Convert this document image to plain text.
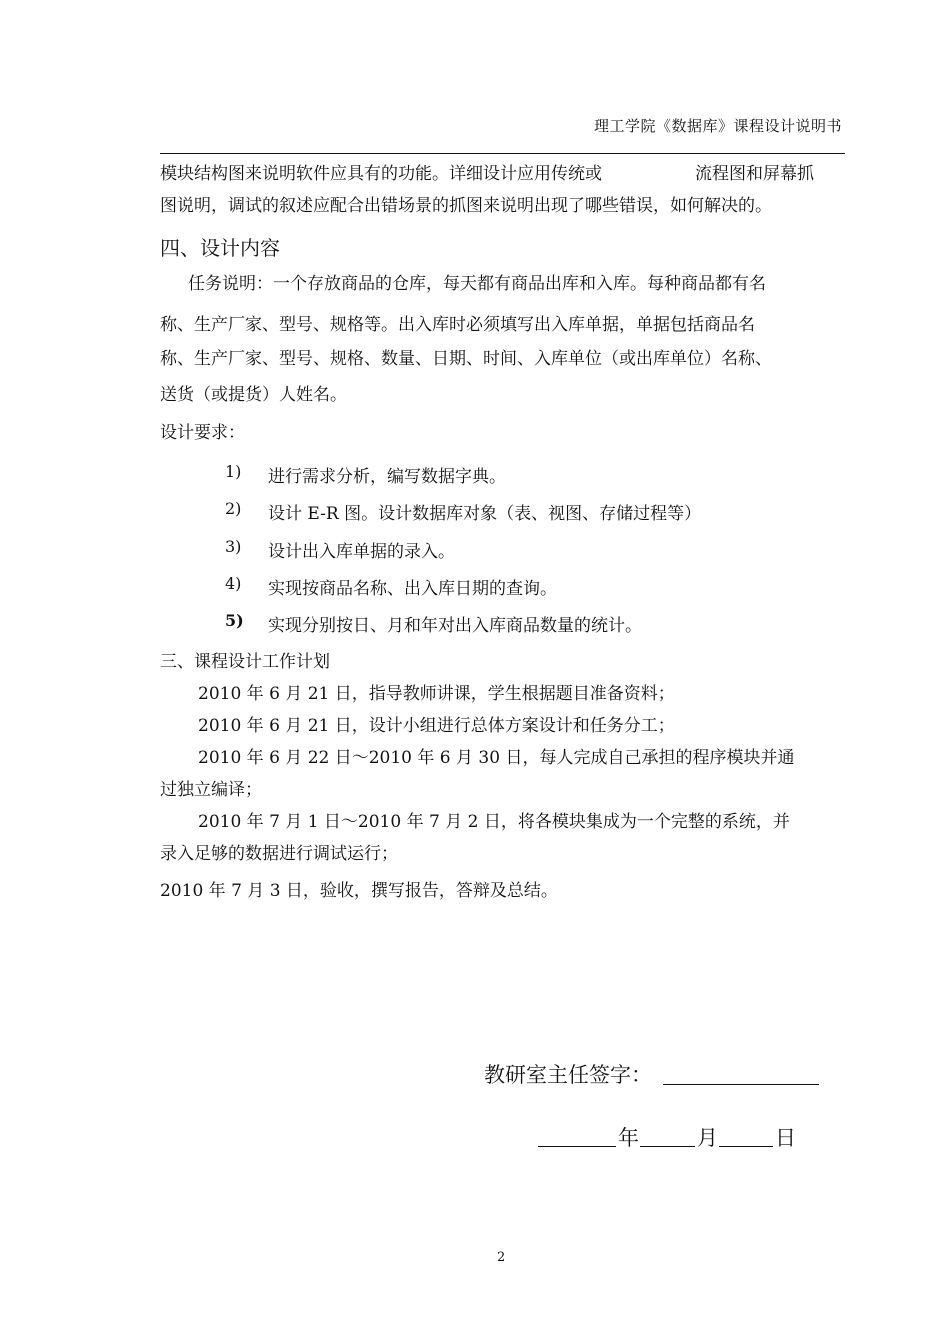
理工学院《数据库》课程设计说明书
模块结构图来说明软件应具有的功能。详细设计应用传统或	流程图和屏幕抓
图说明，调试的叙述应配合出错场景的抓图来说明出现了哪些错误，如何解决的。
四、设计内容
任务说明：一个存放商品的仓库，每天都有商品出库和入库。每种商品都有名
称、生产厂家、型号、规格等。出入库时必须填写出入库单据，单据包括商品名
称、生产厂家、型号、规格、数量、日期、时间、入库单位（或出库单位）名称、
送货（或提货）人姓名。
设计要求：
1) 进行需求分析，编写数据字典。
2) 设计 E-R 图。设计数据库对象（表、视图、存储过程等）
3) 设计出入库单据的录入。
4) 实现按商品名称、出入库日期的查询。
5) 实现分别按日、月和年对出入库商品数量的统计。
三、课程设计工作计划
2010 年 6 月 21 日，指导教师讲课，学生根据题目准备资料；
2010 年 6 月 21 日，设计小组进行总体方案设计和任务分工；
2010 年 6 月 22 日～2010 年 6 月 30 日，每人完成自己承担的程序模块并通
过独立编译；
2010 年 7 月 1 日～2010 年 7 月 2 日，将各模块集成为一个完整的系统，并
录入足够的数据进行调试运行；
2010 年 7 月 3 日，验收，撰写报告，答辩及总结。
教研室主任签字：
年	月	日
2
